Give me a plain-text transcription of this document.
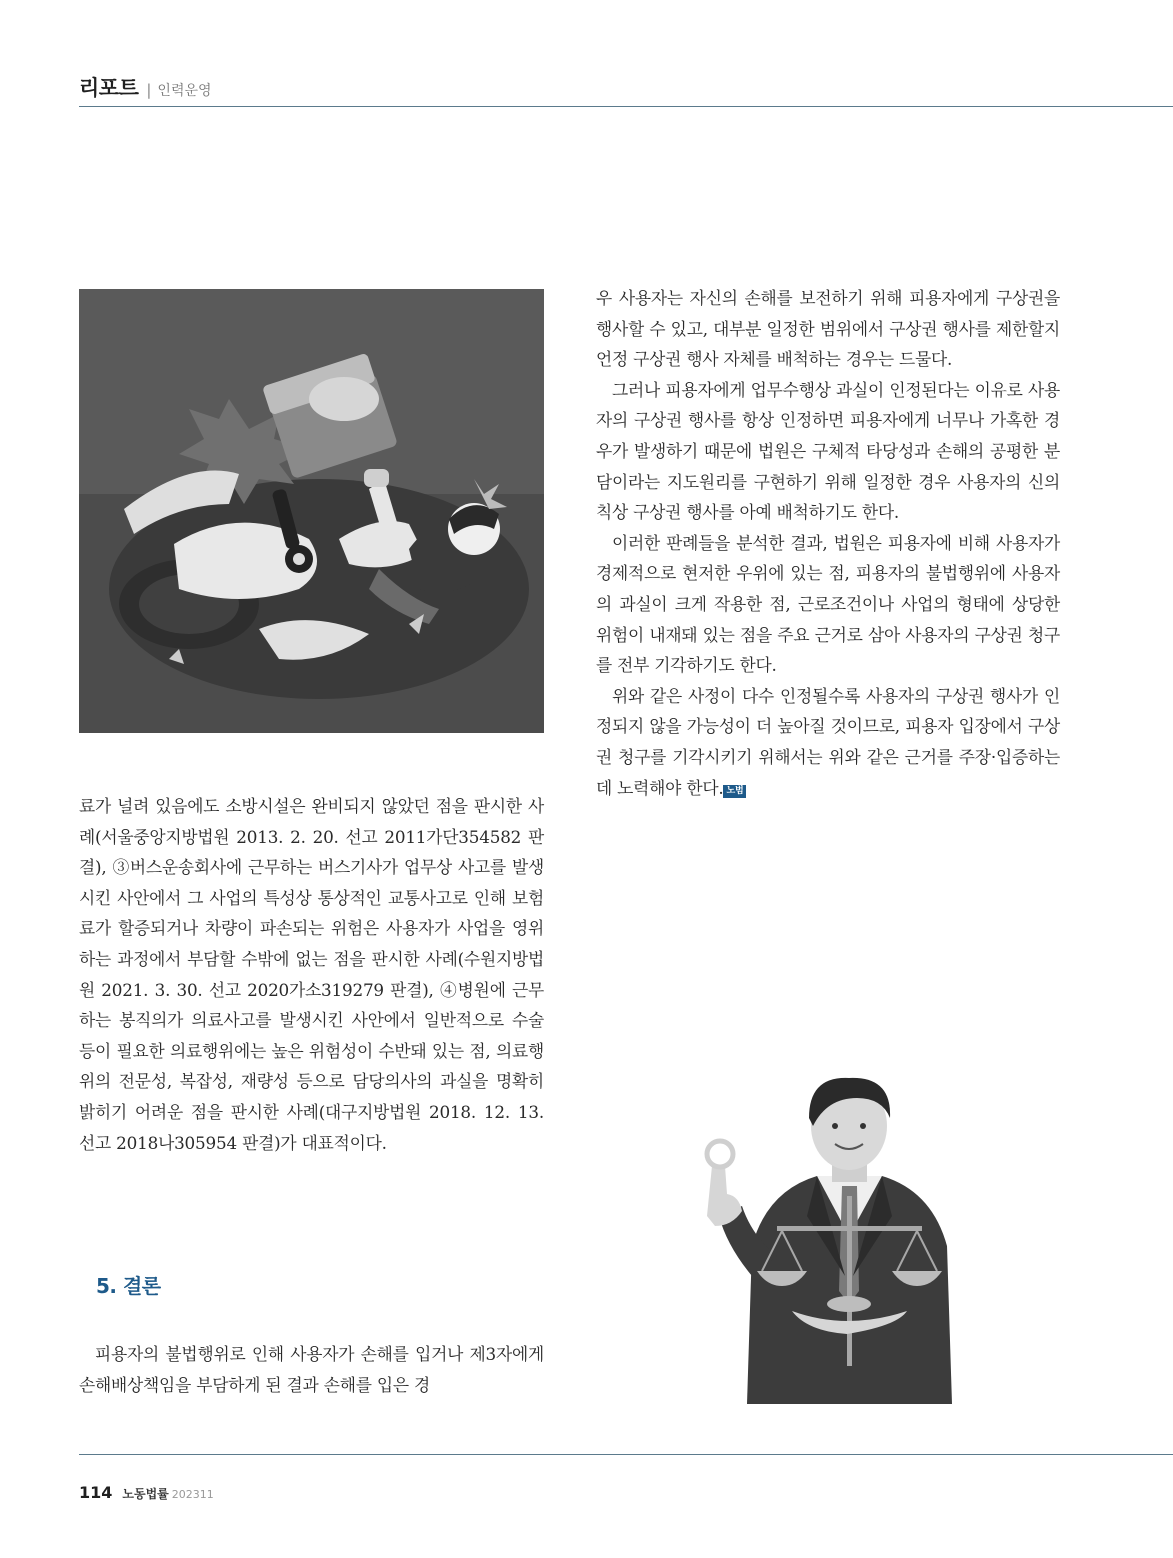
리포트 | 인력운영

료가 널려 있음에도 소방시설은 완비되지 않았던 점을 판시한 사례(서울중앙지방법원 2013. 2. 20. 선고 2011가단354582 판결), ③버스운송회사에 근무하는 버스기사가 업무상 사고를 발생시킨 사안에서 그 사업의 특성상 통상적인 교통사고로 인해 보험료가 할증되거나 차량이 파손되는 위험은 사용자가 사업을 영위하는 과정에서 부담할 수밖에 없는 점을 판시한 사례(수원지방법원 2021. 3. 30. 선고 2020가소319279 판결), ④병원에 근무하는 봉직의가 의료사고를 발생시킨 사안에서 일반적으로 수술 등이 필요한 의료행위에는 높은 위험성이 수반돼 있는 점, 의료행위의 전문성, 복잡성, 재량성 등으로 담당의사의 과실을 명확히 밝히기 어려운 점을 판시한 사례(대구지방법원 2018. 12. 13. 선고 2018나305954 판결)가 대표적이다.

5. 결론

피용자의 불법행위로 인해 사용자가 손해를 입거나 제3자에게 손해배상책임을 부담하게 된 결과 손해를 입은 경

우 사용자는 자신의 손해를 보전하기 위해 피용자에게 구상권을 행사할 수 있고, 대부분 일정한 범위에서 구상권 행사를 제한할지언정 구상권 행사 자체를 배척하는 경우는 드물다.

그러나 피용자에게 업무수행상 과실이 인정된다는 이유로 사용자의 구상권 행사를 항상 인정하면 피용자에게 너무나 가혹한 경우가 발생하기 때문에 법원은 구체적 타당성과 손해의 공평한 분담이라는 지도원리를 구현하기 위해 일정한 경우 사용자의 신의칙상 구상권 행사를 아예 배척하기도 한다.

이러한 판례들을 분석한 결과, 법원은 피용자에 비해 사용자가 경제적으로 현저한 우위에 있는 점, 피용자의 불법행위에 사용자의 과실이 크게 작용한 점, 근로조건이나 사업의 형태에 상당한 위험이 내재돼 있는 점을 주요 근거로 삼아 사용자의 구상권 청구를 전부 기각하기도 한다.

위와 같은 사정이 다수 인정될수록 사용자의 구상권 행사가 인정되지 않을 가능성이 더 높아질 것이므로, 피용자 입장에서 구상권 청구를 기각시키기 위해서는 위와 같은 근거를 주장·입증하는 데 노력해야 한다. 노범

114 노동법률 202311
